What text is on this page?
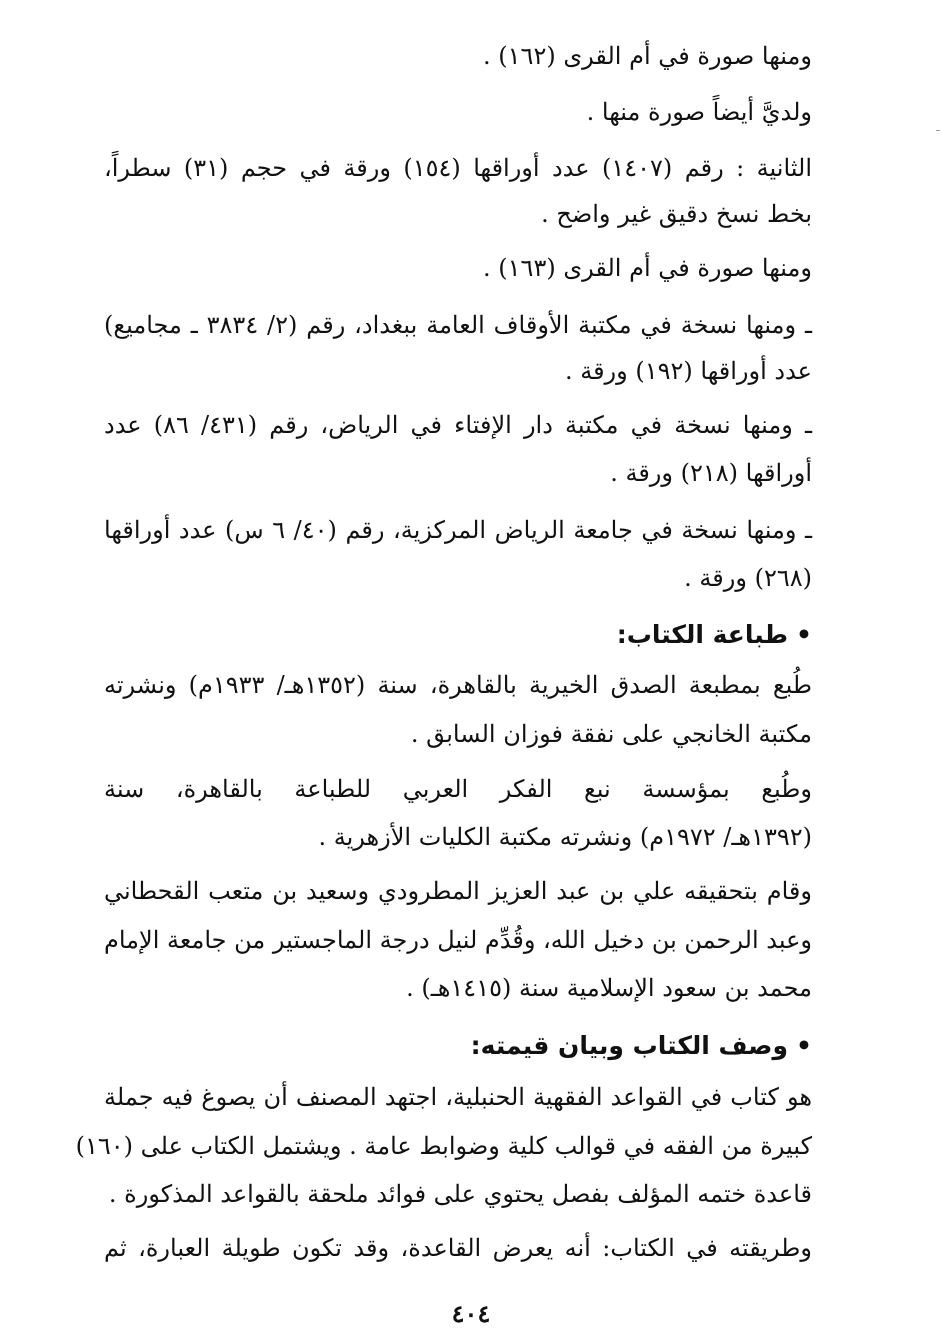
ومنها صورة في أم القرى (١٦٢) .
ولديَّ أيضاً صورة منها .
الثانية : رقم (١٤٠٧) عدد أوراقها (١٥٤) ورقة في حجم (٣١) سطراً،
بخط نسخ دقيق غير واضح .
ومنها صورة في أم القرى (١٦٣) .
ـ ومنها نسخة في مكتبة الأوقاف العامة ببغداد، رقم (٢/ ٣٨٣٤ ـ مجاميع)
عدد أوراقها (١٩٢) ورقة .
ـ ومنها نسخة في مكتبة دار الإفتاء في الرياض، رقم (٤٣١/ ٨٦) عدد
أوراقها (٢١٨) ورقة .
ـ ومنها نسخة في جامعة الرياض المركزية، رقم (٤٠/ ٦ س) عدد أوراقها
(٢٦٨) ورقة .
•طباعة الكتاب:
طُبع بمطبعة الصدق الخيرية بالقاهرة، سنة (١٣٥٢هـ/ ١٩٣٣م) ونشرته
مكتبة الخانجي على نفقة فوزان السابق .
وطُبع بمؤسسة نبع الفكر العربي للطباعة بالقاهرة، سنة
(١٣٩٢هـ/ ١٩٧٢م) ونشرته مكتبة الكليات الأزهرية .
وقام بتحقيقه علي بن عبد العزيز المطرودي وسعيد بن متعب القحطاني
وعبد الرحمن بن دخيل الله، وقُدِّم لنيل درجة الماجستير من جامعة الإمام
محمد بن سعود الإسلامية سنة (١٤١٥هـ) .
•وصف الكتاب وبيان قيمته:
هو كتاب في القواعد الفقهية الحنبلية، اجتهد المصنف أن يصوغ فيه جملة
كبيرة من الفقه في قوالب كلية وضوابط عامة . ويشتمل الكتاب على (١٦٠)
قاعدة ختمه المؤلف بفصل يحتوي على فوائد ملحقة بالقواعد المذكورة .
وطريقته في الكتاب: أنه يعرض القاعدة، وقد تكون طويلة العبارة، ثم
٤٠٤
